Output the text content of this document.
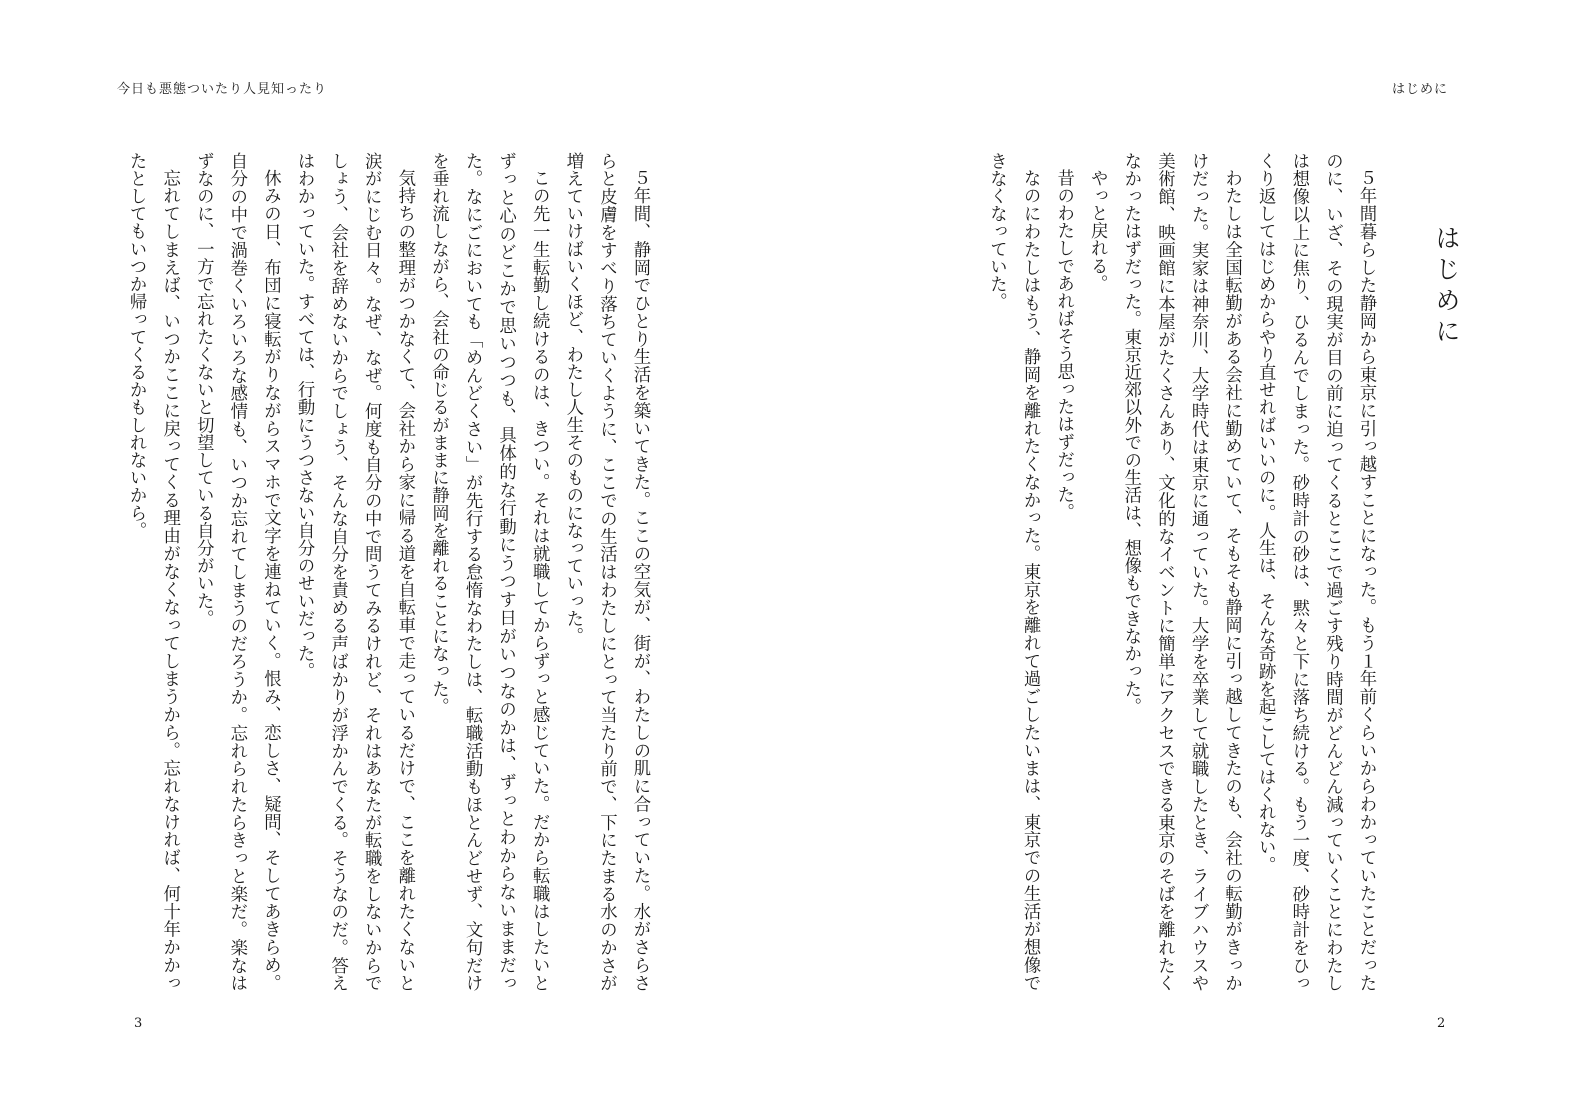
今日も悪態ついたり人見知ったり

５年間、静岡でひとり生活を築いてきた。ここの空気が、街が、わたしの肌に合っていた。水がさらさらと皮膚をすべり落ちていくように、ここでの生活はわたしにとって当たり前で、下にたまる水のかさが増えていけばいくほど、わたし人生そのものになっていった。

この先一生転勤し続けるのは、きつい。それは就職してからずっと感じていた。だから転職はしたいとずっと心のどこかで思いつつも、具体的な行動にうつす日がいつなのかは、ずっとわからないままだった。なにごにおいても「めんどくさい」が先行する怠惰なわたしは、転職活動もほとんどせず、文句だけを垂れ流しながら、会社の命じるがままに静岡を離れることになった。

気持ちの整理がつかなくて、会社から家に帰る道を自転車で走っているだけで、ここを離れたくないと涙がにじむ日々。なぜ、なぜ。何度も自分の中で問うてみるけれど、それはあなたが転職をしないからでしょう、会社を辞めないからでしょう、そんな自分を責める声ばかりが浮かんでくる。そうなのだ。答えはわかっていた。すべては、行動にうつさない自分のせいだった。

休みの日、布団に寝転がりながらスマホで文字を連ねていく。恨み、恋しさ、疑問、そしてあきらめ。自分の中で渦巻くいろいろな感情も、いつか忘れてしまうのだろうか。忘れられたらきっと楽だ。楽なはずなのに、一方で忘れたくないと切望している自分がいた。

忘れてしまえば、いつかここに戻ってくる理由がなくなってしまうから。忘れなければ、何十年かかったとしてもいつか帰ってくるかもしれないから。

3
はじめに
はじめに

５年間暮らした静岡から東京に引っ越すことになった。もう１年前くらいからわかっていたことだったのに、いざ、その現実が目の前に迫ってくるとここで過ごす残り時間がどんどん減っていくことにわたしは想像以上に焦り、ひるんでしまった。砂時計の砂は、黙々と下に落ち続ける。もう一度、砂時計をひっくり返してはじめからやり直せればいいのに。人生は、そんな奇跡を起こしてはくれない。

わたしは全国転勤がある会社に勤めていて、そもそも静岡に引っ越してきたのも、会社の転勤がきっかけだった。実家は神奈川、大学時代は東京に通っていた。大学を卒業して就職したとき、ライブハウスや美術館、映画館に本屋がたくさんあり、文化的なイベントに簡単にアクセスできる東京のそばを離れたくなかったはずだった。東京近郊以外での生活は、想像もできなかった。

やっと戻れる。

昔のわたしであればそう思ったはずだった。

なのにわたしはもう、静岡を離れたくなかった。東京を離れて過ごしたいまは、東京での生活が想像できなくなっていた。

2
